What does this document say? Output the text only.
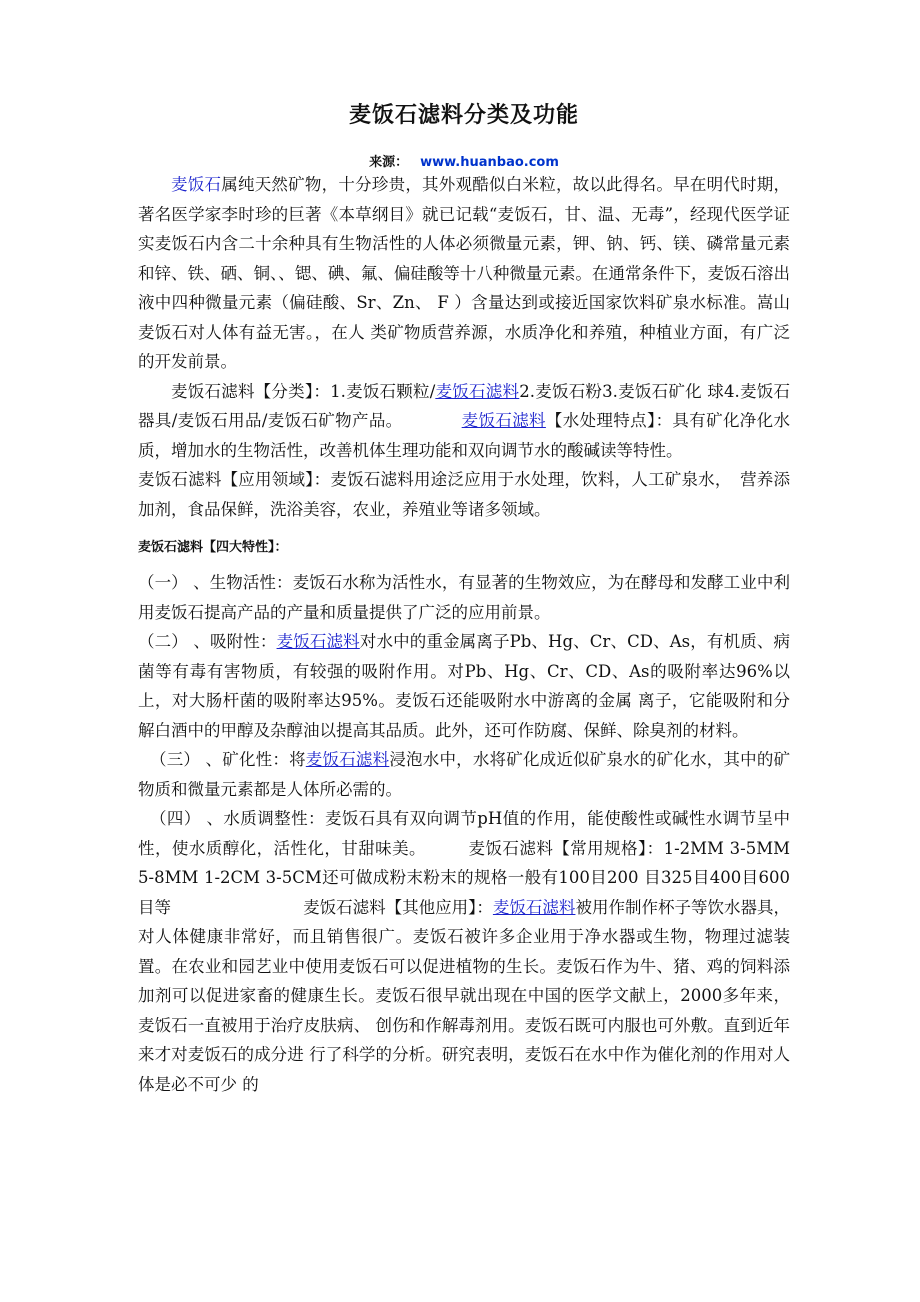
麦饭石滤料分类及功能
来源： www.huanbao.com

麦饭石属纯天然矿物，十分珍贵，其外观酷似白米粒，故以此得名。早在明代时期，著名医学家李时珍的巨著《本草纲目》就已记载“麦饭石，甘、温、无毒”，经现代医学证实麦饭石内含二十余种具有生物活性的人体必须微量元素，钾、钠、钙、镁、磷常量元素和锌、铁、硒、铜、、锶、碘、氟、偏硅酸等十八种微量元素。在通常条件下，麦饭石溶出液中四种微量元素（偏硅酸、Sr、Zn、 F ）含量达到或接近国家饮料矿泉水标准。嵩山麦饭石对人体有益无害。，在人 类矿物质营养源，水质净化和养殖，种植业方面，有广泛的开发前景。

麦饭石滤料【分类】：1.麦饭石颗粒/麦饭石滤料2.麦饭石粉3.麦饭石矿化 球4.麦饭石器具/麦饭石用品/麦饭石矿物产品。　　　　麦饭石滤料【水处理特点】：具有矿化净化水质，增加水的生物活性，改善机体生理功能和双向调节水的酸碱读等特性。

麦饭石滤料【应用领域】：麦饭石滤料用途泛应用于水处理，饮料，人工矿泉水，　营养添加剂，食品保鲜，洗浴美容，农业，养殖业等诸多领域。

麦饭石滤料【四大特性】：

（一） 、生物活性：麦饭石水称为活性水，有显著的生物效应，为在酵母和发酵工业中利用麦饭石提高产品的产量和质量提供了广泛的应用前景。

（二） 、吸附性：麦饭石滤料对水中的重金属离子Pb、Hg、Cr、CD、As，有机质、病菌等有毒有害物质，有较强的吸附作用。对Pb、Hg、Cr、CD、As的吸附率达96%以上，对大肠杆菌的吸附率达95%。麦饭石还能吸附水中游离的金属 离子，它能吸附和分解白酒中的甲醇及杂醇油以提高其品质。此外，还可作防腐、保鲜、除臭剂的材料。

（三） 、矿化性：将麦饭石滤料浸泡水中，水将矿化成近似矿泉水的矿化水，其中的矿物质和微量元素都是人体所必需的。

（四） 、水质调整性：麦饭石具有双向调节pH值的作用，能使酸性或碱性水调节呈中性，使水质醇化，活性化，甘甜味美。　　　麦饭石滤料【常用规格】：1-2MM 3-5MM 5-8MM 1-2CM 3-5CM还可做成粉末粉末的规格一般有100目200 目325目400目600目等　　　　　　　　麦饭石滤料【其他应用】：麦饭石滤料被用作制作杯子等饮水器具，对人体健康非常好，而且销售很广。麦饭石被许多企业用于净水器或生物，物理过滤装置。在农业和园艺业中使用麦饭石可以促进植物的生长。麦饭石作为牛、猪、鸡的饲料添加剂可以促进家畜的健康生长。麦饭石很早就出现在中国的医学文献上，2000多年来，麦饭石一直被用于治疗皮肤病、 创伤和作解毒剂用。麦饭石既可内服也可外敷。直到近年来才对麦饭石的成分进 行了科学的分析。研究表明，麦饭石在水中作为催化剂的作用对人体是必不可少 的
